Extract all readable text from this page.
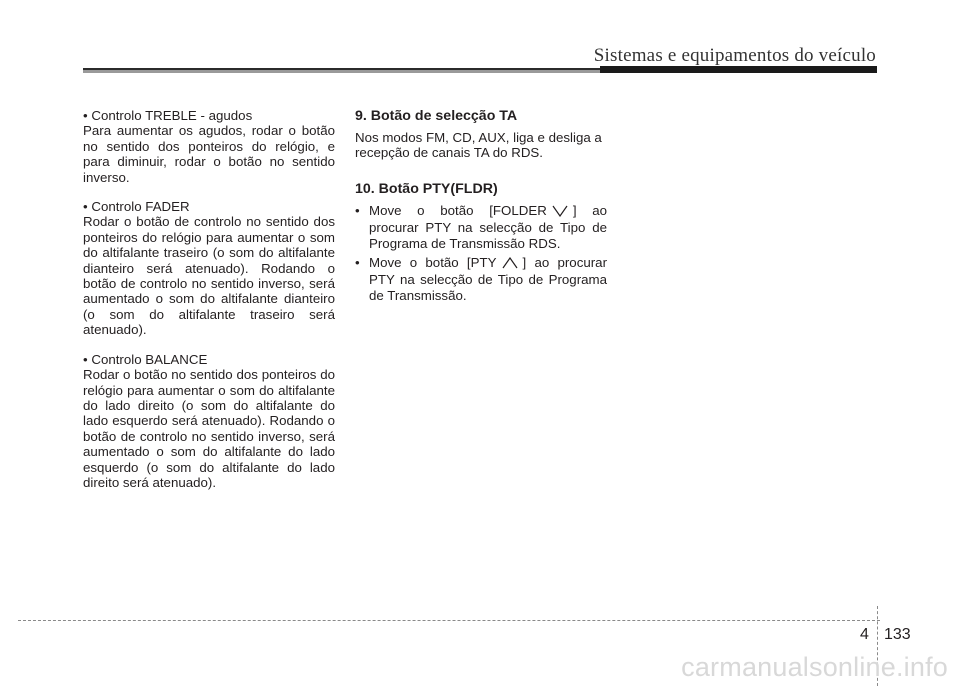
Sistemas e equipamentos do veículo

• Controlo TREBLE - agudos

Para aumentar os agudos, rodar o botão no sentido dos ponteiros do relógio, e para diminuir, rodar o botão no sentido inverso.

• Controlo FADER

Rodar o botão de controlo no sentido dos ponteiros do relógio para aumentar o som do altifalante traseiro (o som do altifalante dianteiro será atenuado). Rodando o botão de controlo no sentido inverso, será aumentado o som do altifalante dianteiro (o som do altifalante traseiro será atenuado).

• Controlo BALANCE

Rodar o botão no sentido dos ponteiros do relógio para aumentar o som do altifalante do lado direito (o som do altifalante do lado esquerdo será atenuado). Rodando o botão de controlo no sentido inverso, será aumentado o som do altifalante do lado esquerdo (o som do altifalante do lado direito será atenuado).

9. Botão de selecção TA

Nos modos FM, CD, AUX, liga e desliga a recepção de canais TA do RDS.

10. Botão PTY(FLDR)
• Move o botão [FOLDER ] ao procurar PTY na selecção de Tipo de Programa de Transmissão RDS.
• Move o botão [PTY ] ao procurar PTY na selecção de Tipo de Programa de Transmissão.
4 133
carmanualsonline.info
